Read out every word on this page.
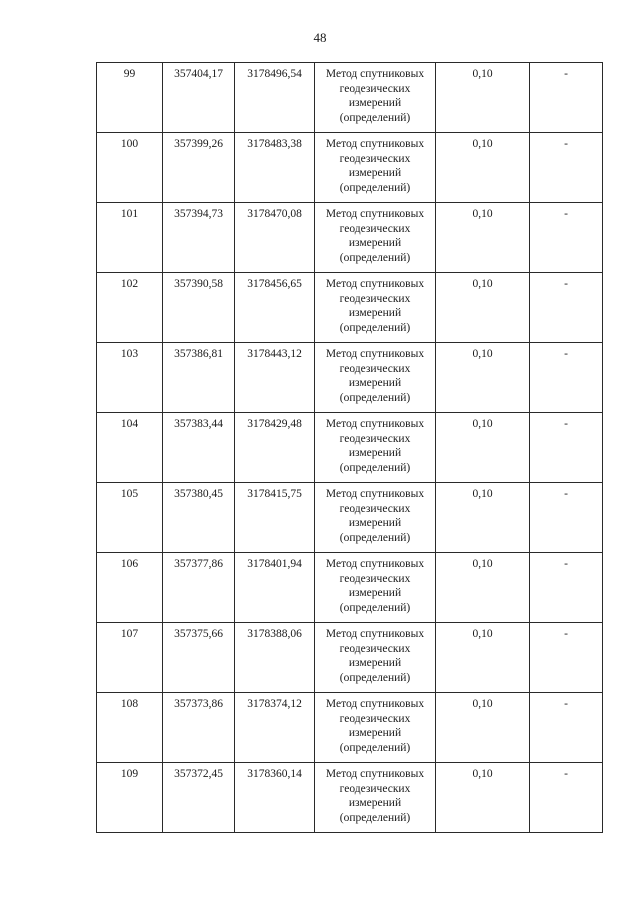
48
99	357404,17	3178496,54	Метод спутниковых
геодезических
измерений
(определений)	0,10	-
100	357399,26	3178483,38	Метод спутниковых
геодезических
измерений
(определений)	0,10	-
101	357394,73	3178470,08	Метод спутниковых
геодезических
измерений
(определений)	0,10	-
102	357390,58	3178456,65	Метод спутниковых
геодезических
измерений
(определений)	0,10	-
103	357386,81	3178443,12	Метод спутниковых
геодезических
измерений
(определений)	0,10	-
104	357383,44	3178429,48	Метод спутниковых
геодезических
измерений
(определений)	0,10	-
105	357380,45	3178415,75	Метод спутниковых
геодезических
измерений
(определений)	0,10	-
106	357377,86	3178401,94	Метод спутниковых
геодезических
измерений
(определений)	0,10	-
107	357375,66	3178388,06	Метод спутниковых
геодезических
измерений
(определений)	0,10	-
108	357373,86	3178374,12	Метод спутниковых
геодезических
измерений
(определений)	0,10	-
109	357372,45	3178360,14	Метод спутниковых
геодезических
измерений
(определений)	0,10	-
